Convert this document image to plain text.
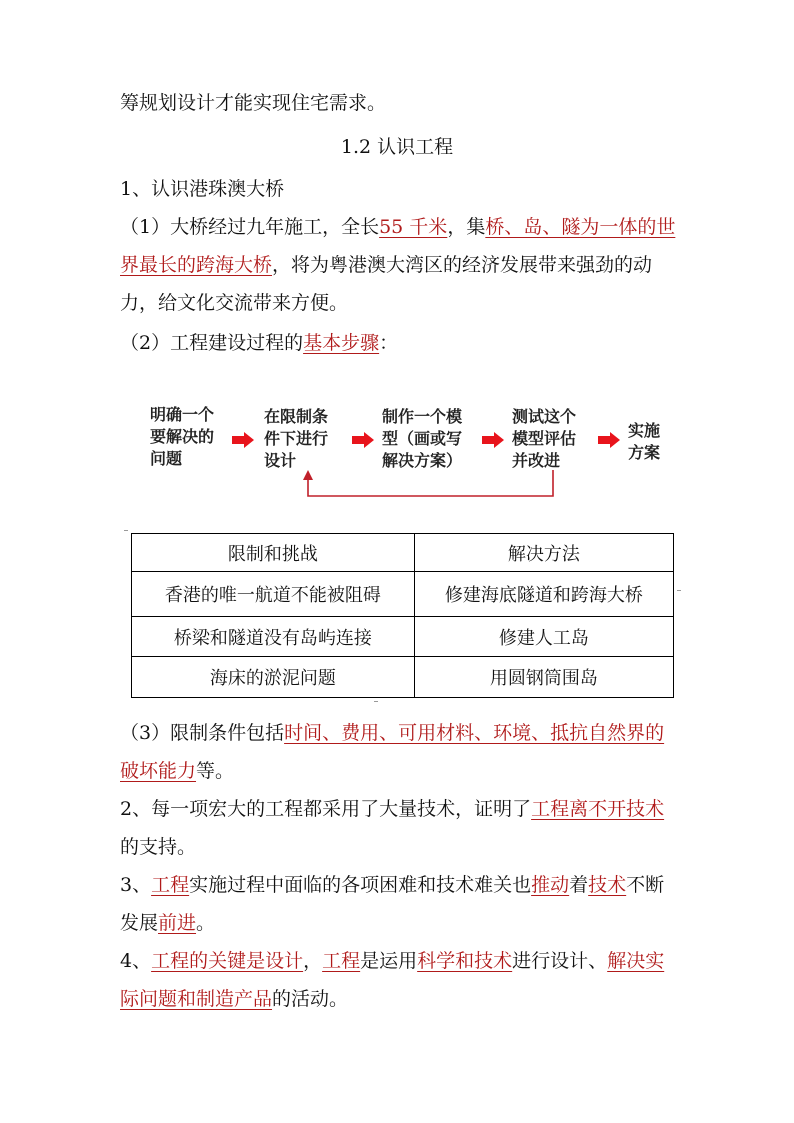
筹规划设计才能实现住宅需求。

1.2 认识工程

1、认识港珠澳大桥

（1）大桥经过九年施工，全长55 千米，集桥、岛、隧为一体的世界最长的跨海大桥，将为粤港澳大湾区的经济发展带来强劲的动力，给文化交流带来方便。

（2）工程建设过程的基本步骤：

明确一个
要解决的
问题
在限制条
件下进行
设计
制作一个模
型（画或写
解决方案）
测试这个
模型评估
并改进
实施
方案
限制和挑战	解决方法
香港的唯一航道不能被阻碍	修建海底隧道和跨海大桥
桥梁和隧道没有岛屿连接	修建人工岛
海床的淤泥问题	用圆钢筒围岛

（3）限制条件包括时间、费用、可用材料、环境、抵抗自然界的破坏能力等。

2、每一项宏大的工程都采用了大量技术，证明了工程离不开技术的支持。

3、工程实施过程中面临的各项困难和技术难关也推动着技术不断发展前进。

4、工程的关键是设计，工程是运用科学和技术进行设计、解决实际问题和制造产品的活动。
